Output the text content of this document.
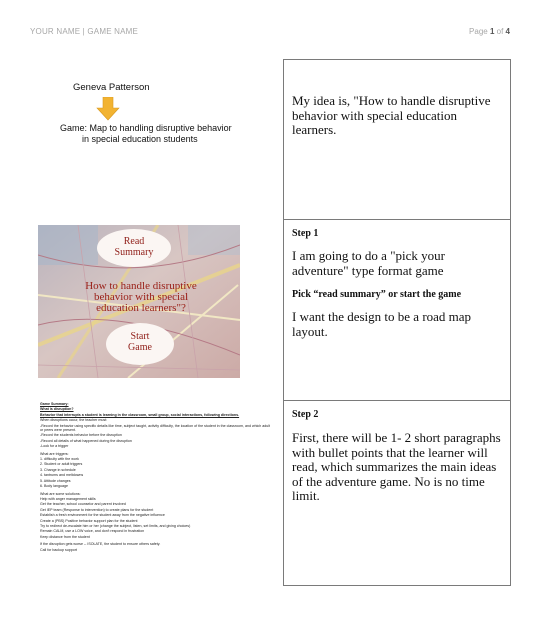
YOUR NAME | GAME NAME	Page 1 of 4
Geneva Patterson
Game: Map to handling disruptive behavior
in special education students
Read
Summary
How to handle disruptive
behavior with special
education learners"?
Start
Game

Game Summary:

What is disruption?

Behavior that interrupts a student is learning in the classroom, small group, social interactions, following directions.

When disruptions occur, the teacher must:

-Record the behavior using specific details like time, subject taught, activity difficulty, the location of the student in the classroom, and which adult or peers were present.

-Record the students behavior before the disruption

-Record all details of what happened during the disruption

-Look for a trigger

What are triggers:

1. difficulty with the work

2. Student or adult triggers

3. Change in schedule

4. tantrums and meltdowns

5. Attitude changes

6. Body language

What are some solutions:

Help with anger management skills

Get the teacher, school counselor and parent involved

Get IEP team (Response to intervention) to create plans for the student

Establish a fresh environment for the student away from the negative influence

Create a (PBS) Positive behavior support plan for the student

Try to redirect de-escalate him or her (change the subject, listen, set limits, and giving choices)

Remain CALM, use a LOW voice, and don't respond in frustration

Keep distance from the student

If the disruption gets worse -- ISOLATE, the student to ensure others safety.

Call for backup support

My idea is, "How to handle disruptive behavior with special education learners.
Step 1
I am going to do a "pick your adventure" type format game
Pick “read summary” or start the game
I want the design to be a road map layout.
Step 2
First, there will be 1- 2 short paragraphs with bullet points that the learner will read, which summarizes the main ideas of the adventure game. No is no time limit.
